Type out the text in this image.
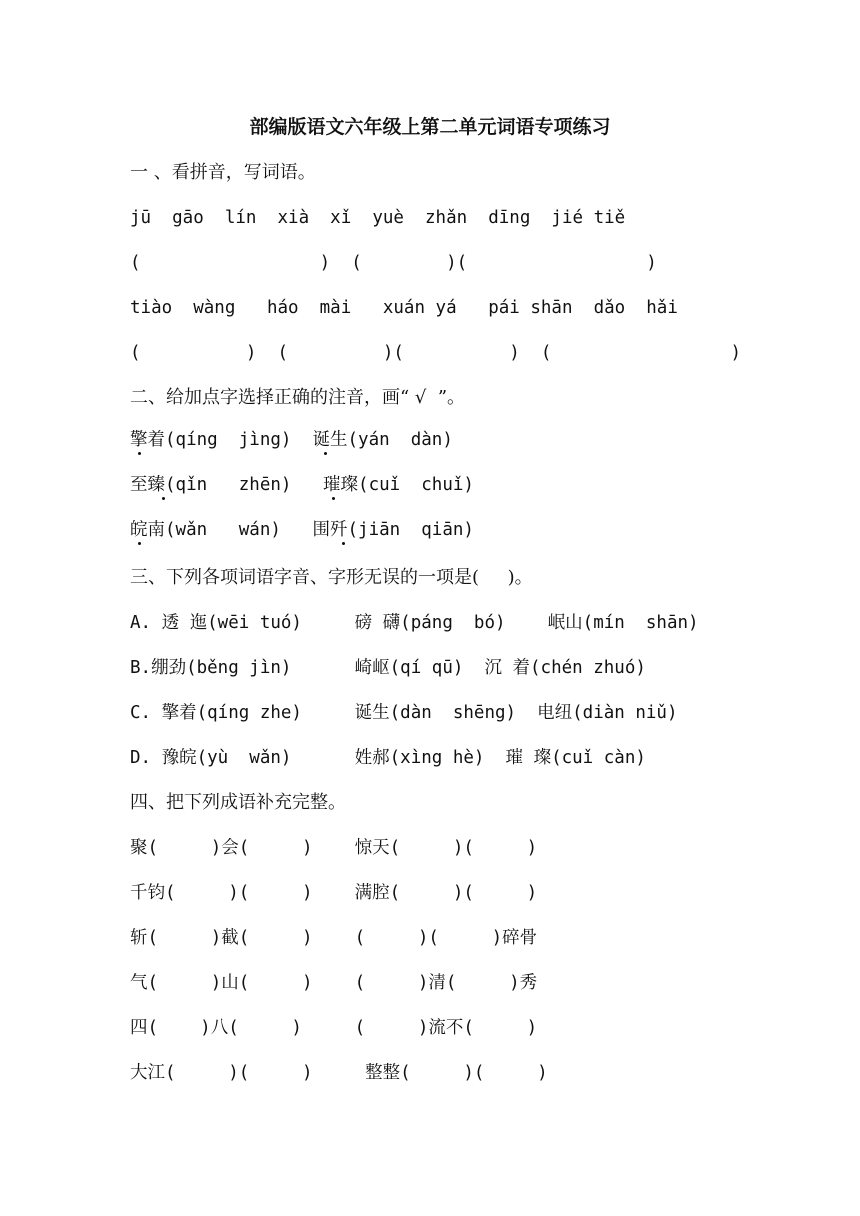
部编版语文六年级上第二单元词语专项练习
一 、看拼音，写词语。
jū  gāo  lín  xià  xǐ  yuè  zhǎn  dīng  jié tiě
(                 )  (        )(                 )
tiào  wàng   háo  mài   xuán yá   pái shān  dǎo  hǎi
(          )  (         )(          )  (                 )
二、给加点字选择正确的注音，画“ √  ”。
擎着(qíng  jìng)  诞生(yán  dàn)
至臻(qǐn   zhēn)   璀璨(cuǐ  chuǐ)
皖南(wǎn   wán)   围歼(jiān  qiān)
三、下列各项词语字音、字形无误的一项是(     )。
A. 透 迤(wēi tuó)     磅 礴(páng  bó)    岷山(mín  shān)
B.绷劲(běng jìn)      崎岖(qí qū)  沉 着(chén zhuó)
C. 擎着(qíng zhe)     诞生(dàn  shēng)  电纽(diàn niǔ)
D. 豫皖(yù  wǎn)      姓郝(xìng hè)  璀 璨(cuǐ càn)
四、把下列成语补充完整。
聚(     )会(     )    惊天(     )(     )
千钧(     )(     )    满腔(     )(     )
斩(     )截(     )    (     )(     )碎骨
气(     )山(     )    (     )清(     )秀
四(    )八(     )     (     )流不(     )
大江(     )(     )     整整(     )(     )
